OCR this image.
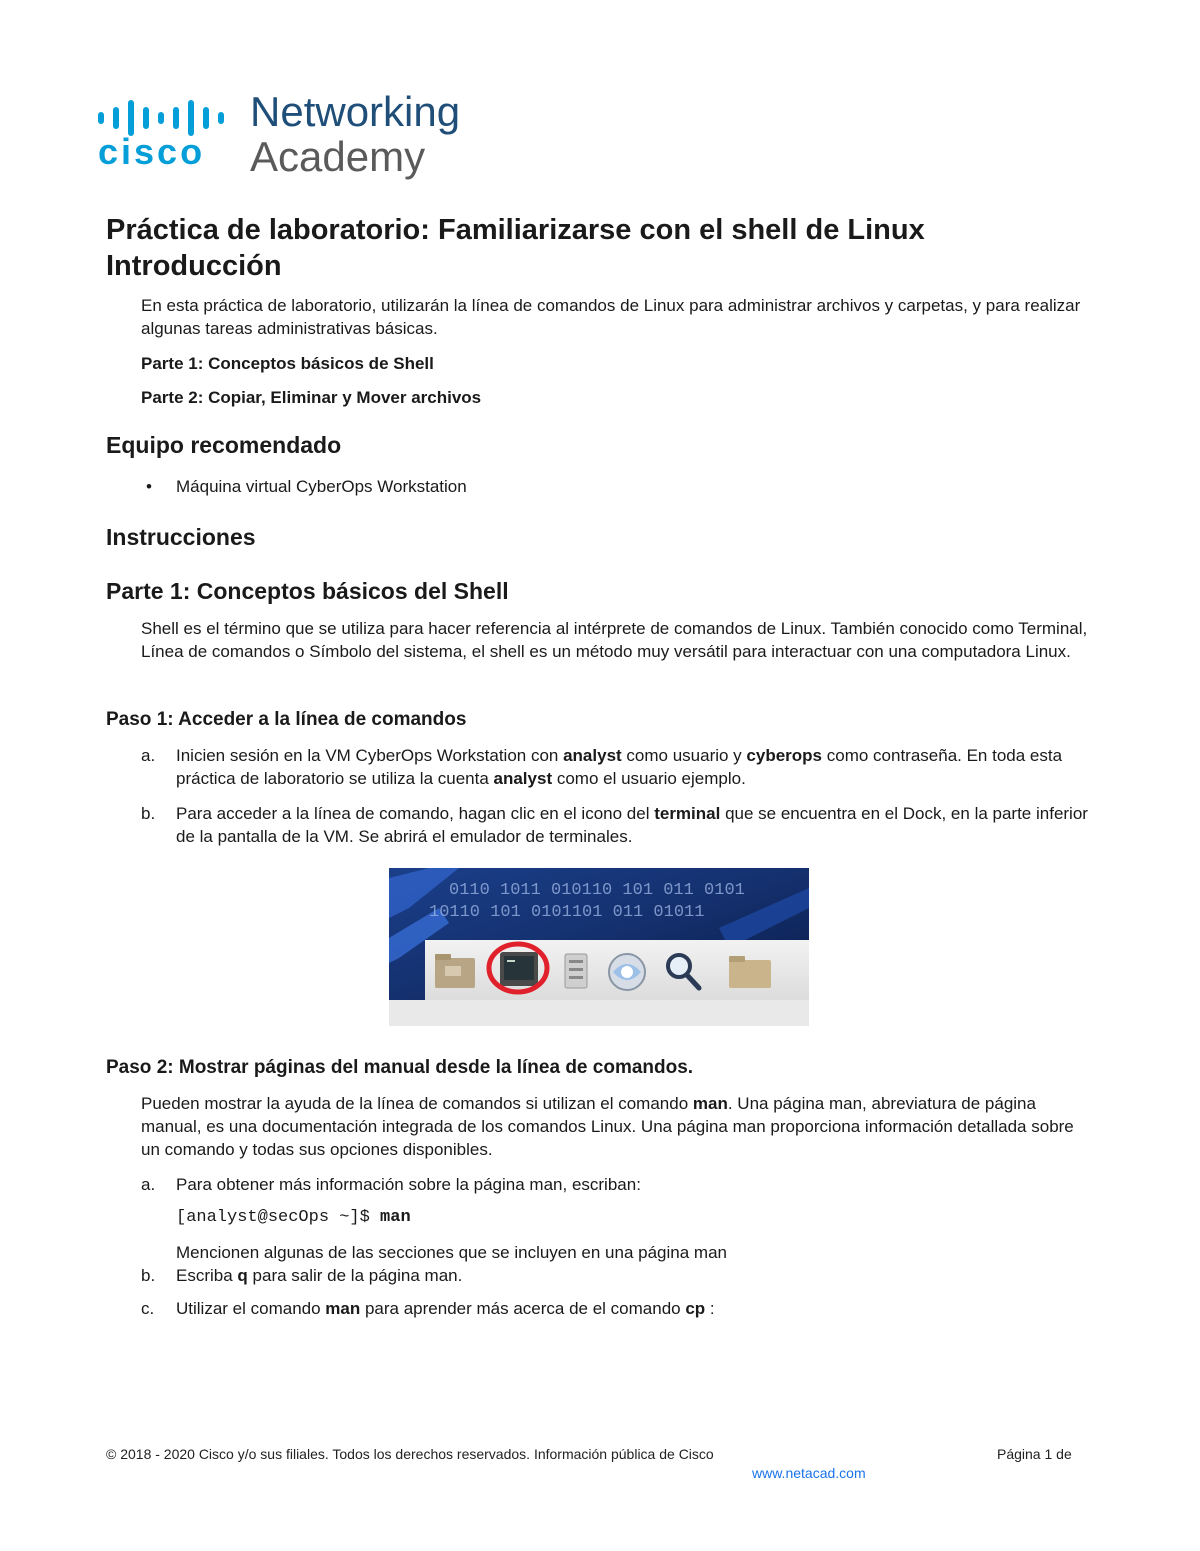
cisco
Networking
Academy
Práctica de laboratorio: Familiarizarse con el shell de Linux
Introducción

En esta práctica de laboratorio, utilizarán la línea de comandos de Linux para administrar archivos y carpetas, y para realizar algunas tareas administrativas básicas.

Parte 1: Conceptos básicos de Shell

Parte 2: Copiar, Eliminar y Mover archivos

Equipo recomendado
• Máquina virtual CyberOps Workstation
Instrucciones
Parte 1: Conceptos básicos del Shell

Shell es el término que se utiliza para hacer referencia al intérprete de comandos de Linux. También conocido como Terminal, Línea de comandos o Símbolo del sistema, el shell es un método muy versátil para interactuar con una computadora Linux.

Paso 1: Acceder a la línea de comandos
a.	Inicien sesión en la VM CyberOps Workstation con analyst como usuario y cyberops como contraseña. En toda esta práctica de laboratorio se utiliza la cuenta analyst como el usuario ejemplo.
b.	Para acceder a la línea de comando, hagan clic en el icono del terminal que se encuentra en el Dock, en la parte inferior de la pantalla de la VM. Se abrirá el emulador de terminales.
0110 1011 010110 101 011 0101 10110 101 0101101 011 01011
Paso 2: Mostrar páginas del manual desde la línea de comandos.

Pueden mostrar la ayuda de la línea de comandos si utilizan el comando man. Una página man, abreviatura de página manual, es una documentación integrada de los comandos Linux. Una página man proporciona información detallada sobre un comando y todas sus opciones disponibles.

a.	Para obtener más información sobre la página man, escriban:
[analyst@secOps ~]$ man
Mencionen algunas de las secciones que se incluyen en una página man
b.	Escriba q para salir de la página man.
c.	Utilizar el comando man para aprender más acerca de el comando cp :
© 2018 - 2020 Cisco y/o sus filiales. Todos los derechos reservados. Información pública de Cisco	Página 1 de
www.netacad.com
